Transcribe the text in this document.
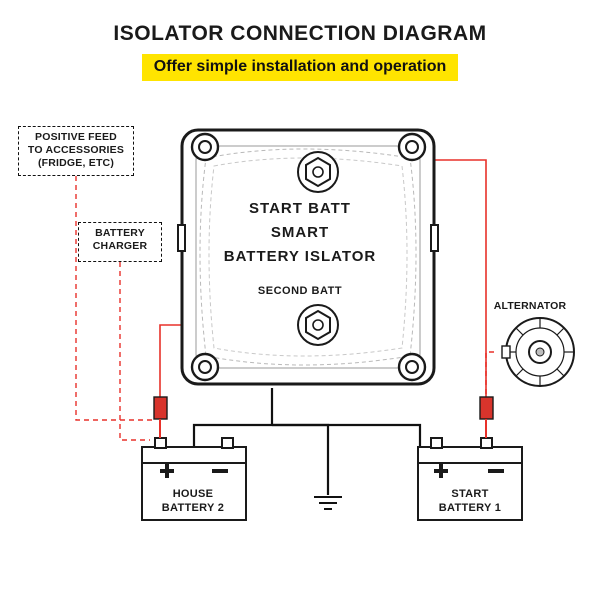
ISOLATOR CONNECTION DIAGRAM
Offer simple installation and operation
POSITIVE FEED
TO ACCESSORIES
(FRIDGE, ETC)
BATTERY
CHARGER
ALTERNATOR
START BATT
SMART
BATTERY ISLATOR
SECOND BATT
HOUSE
BATTERY 2
START
BATTERY 1
